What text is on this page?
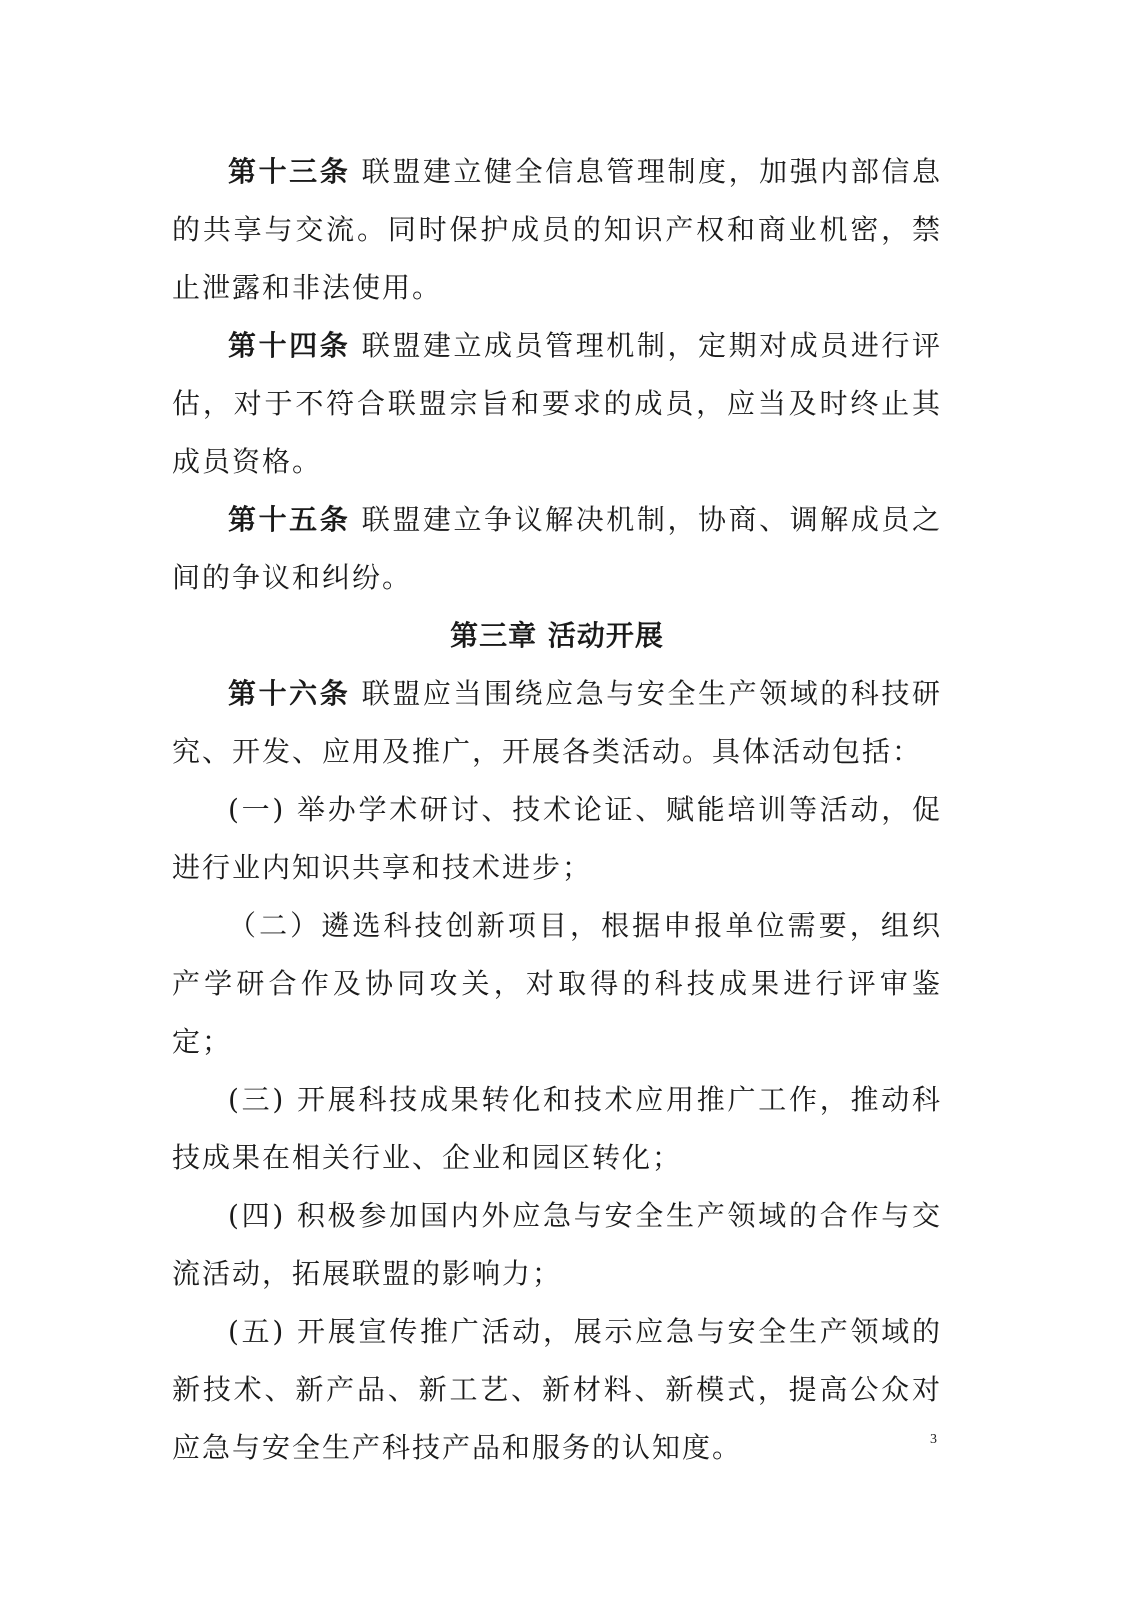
第十三条 联盟建立健全信息管理制度，加强内部信息的共享与交流。同时保护成员的知识产权和商业机密，禁止泄露和非法使用。

第十四条 联盟建立成员管理机制，定期对成员进行评估，对于不符合联盟宗旨和要求的成员，应当及时终止其成员资格。

第十五条 联盟建立争议解决机制，协商、调解成员之间的争议和纠纷。

第三章 活动开展

第十六条 联盟应当围绕应急与安全生产领域的科技研究、开发、应用及推广，开展各类活动。具体活动包括：

(一) 举办学术研讨、技术论证、赋能培训等活动，促进行业内知识共享和技术进步；

（二）遴选科技创新项目，根据申报单位需要，组织产学研合作及协同攻关，对取得的科技成果进行评审鉴定；

(三) 开展科技成果转化和技术应用推广工作，推动科技成果在相关行业、企业和园区转化；

(四) 积极参加国内外应急与安全生产领域的合作与交流活动，拓展联盟的影响力；

(五) 开展宣传推广活动，展示应急与安全生产领域的新技术、新产品、新工艺、新材料、新模式，提高公众对应急与安全生产科技产品和服务的认知度。	3
